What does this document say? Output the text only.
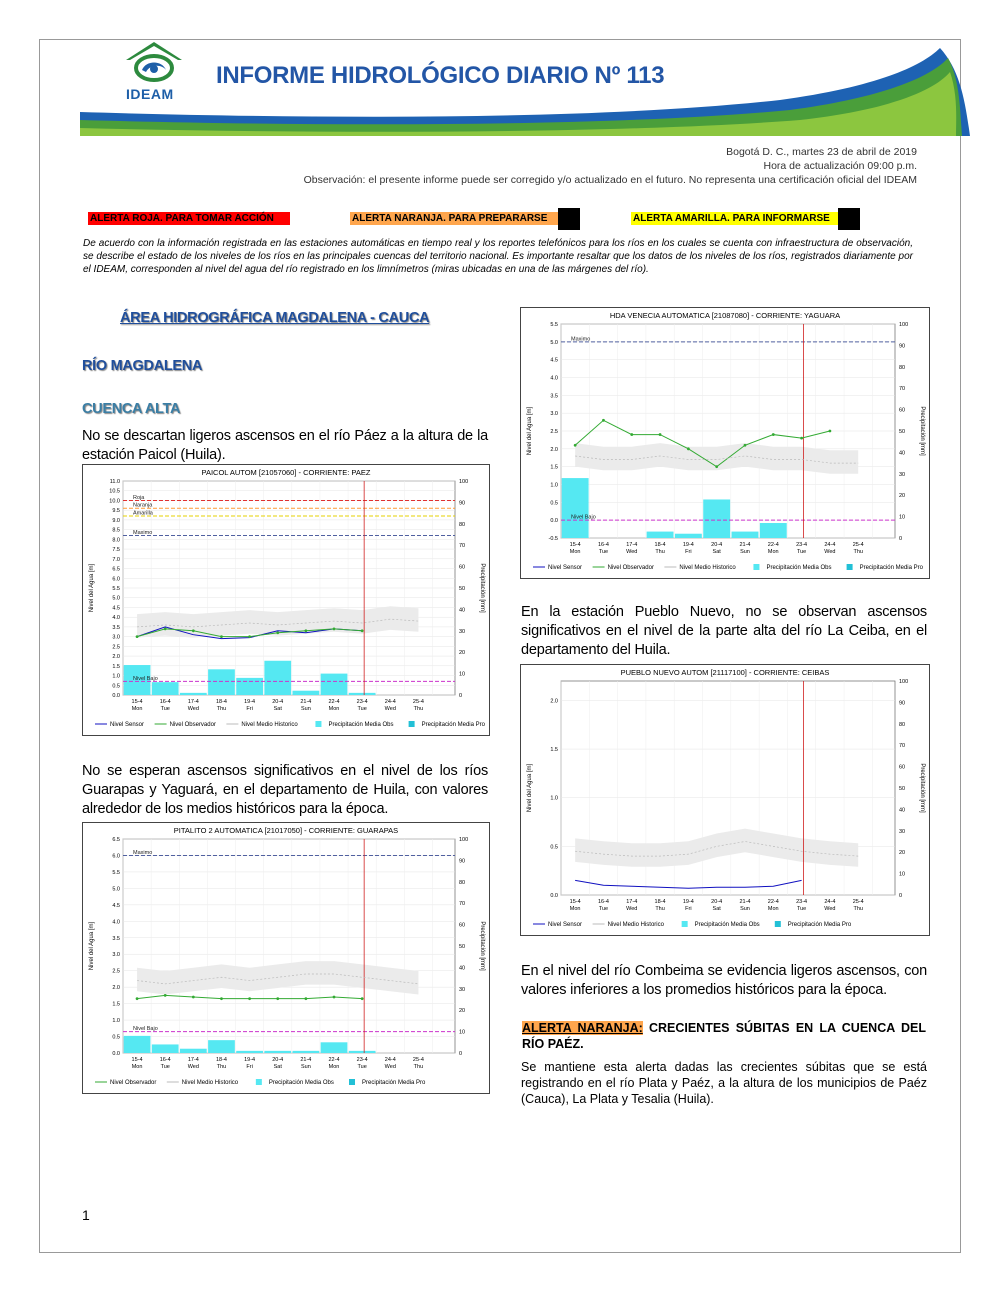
IDEAM
INFORME HIDROLÓGICO DIARIO Nº 113
Bogotá D. C., martes 23 de abril de 2019
Hora de actualización 09:00 p.m.
Observación: el presente informe puede ser corregido y/o actualizado en el futuro. No representa una certificación oficial del IDEAM
ALERTA ROJA. PARA TOMAR ACCIÓN	ALERTA NARANJA. PARA PREPARARSE	ALERTA AMARILLA. PARA INFORMARSE
De acuerdo con la información registrada en las estaciones automáticas en tiempo real y los reportes telefónicos para los ríos en los cuales se cuenta con infraestructura de observación, se describe el estado de los niveles de los ríos en las principales cuencas del territorio nacional. Es importante resaltar que los datos de los niveles de los ríos, registrados diariamente por el IDEAM, corresponden al nivel del agua del río registrado en los limnímetros (miras ubicadas en una de las márgenes del río).
ÁREA HIDROGRÁFICA MAGDALENA - CAUCA
RÍO MAGDALENA
CUENCA ALTA
No se descartan ligeros ascensos en el río Páez a la altura de la estación Paicol (Huila).
PAICOL AUTOM [21057060] - CORRIENTE: PAEZ
0.0
0.5
1.0
1.5
2.0
2.5
3.0
3.5
4.0
4.5
5.0
5.5
6.0
6.5
7.0
7.5
8.0
8.5
9.0
9.5
10.0
10.5
11.0
0
10
20
30
40
50
60
70
80
90
100
Nivel del Agua [m]	Precipitación [mm]
Roja
Naranja
Amarilla
Maximo
Nivel Bajo
15-4
Mon
16-4
Tue
17-4
Wed
18-4
Thu
19-4
Fri
20-4
Sat
21-4
Sun
22-4
Mon
23-4
Tue
24-4
Wed
25-4
Thu
Nivel Sensor	Nivel Observador	Nivel Medio Historico	Precipitación Media Obs	Precipitación Media Pro
No se esperan ascensos significativos en el nivel de los ríos Guarapas y Yaguará, en el departamento de Huila, con valores alrededor de los medios históricos para la época.
PITALITO 2 AUTOMATICA [21017050] - CORRIENTE: GUARAPAS
0.0
0.5
1.0
1.5
2.0
2.5
3.0
3.5
4.0
4.5
5.0
5.5
6.0
6.5
0
10
20
30
40
50
60
70
80
90
100
Nivel del Agua [m]	Precipitación [mm]
Maximo
Nivel Bajo
15-4
Mon
16-4
Tue
17-4
Wed
18-4
Thu
19-4
Fri
20-4
Sat
21-4
Sun
22-4
Mon
23-4
Tue
24-4
Wed
25-4
Thu
Nivel Observador	Nivel Medio Historico	Precipitación Media Obs	Precipitación Media Pro
HDA VENECIA AUTOMATICA [21087080] - CORRIENTE: YAGUARA
-0.5
0.0
0.5
1.0
1.5
2.0
2.5
3.0
3.5
4.0
4.5
5.0
5.5
0
10
20
30
40
50
60
70
80
90
100
Nivel del Agua [m]	Precipitación [mm]
Maximo
Nivel Bajo
15-4
Mon
16-4
Tue
17-4
Wed
18-4
Thu
19-4
Fri
20-4
Sat
21-4
Sun
22-4
Mon
23-4
Tue
24-4
Wed
25-4
Thu
Nivel Sensor	Nivel Observador	Nivel Medio Historico	Precipitación Media Obs	Precipitación Media Pro
En la estación Pueblo Nuevo, no se observan ascensos significativos en el nivel de la parte alta del río La Ceiba, en el departamento del Huila.
PUEBLO NUEVO AUTOM [21117100] - CORRIENTE: CEIBAS
0.0
0.5
1.0
1.5
2.0
0
10
20
30
40
50
60
70
80
90
100
Nivel del Agua [m]	Precipitación [mm]
15-4
Mon
16-4
Tue
17-4
Wed
18-4
Thu
19-4
Fri
20-4
Sat
21-4
Sun
22-4
Mon
23-4
Tue
24-4
Wed
25-4
Thu
Nivel Sensor	Nivel Medio Historico	Precipitación Media Obs	Precipitación Media Pro
En el nivel del río Combeima se evidencia ligeros ascensos, con valores inferiores a los promedios históricos para la época.
ALERTA NARANJA: CRECIENTES SÚBITAS EN LA CUENCA DEL RÍO PAÉZ.
Se mantiene esta alerta dadas las crecientes súbitas que se está registrando en el río Plata y Paéz, a la altura de los municipios de Paéz (Cauca), La Plata y Tesalia (Huila).
1
